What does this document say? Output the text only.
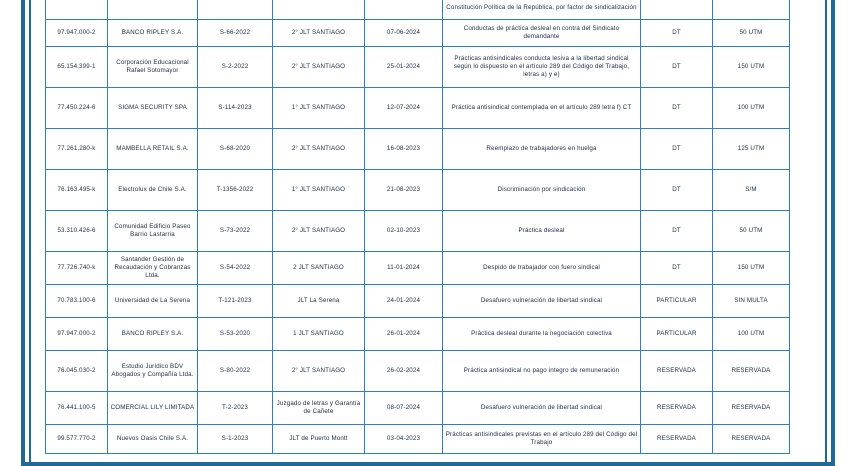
					Constitución Política de la República, por factor de sindicalización		
97.947.000-2	BANCO RIPLEY S.A.	S-66-2022	2° JLT SANTIAGO	07-06-2024	Conductas de práctica desleal en contra del Sindicato demandante	DT	50 UTM
65.154.399-1	Corporación Educacional Rafael Sotomayor	S-2-2022	2° JLT SANTIAGO	25-01-2024	Prácticas antisindicales conducta lesiva a la libertad sindical según lo dispuesto en el artículo 289 del Código del Trabajo, letras a) y e)	DT	150 UTM
77.450.224-6	SIGMA SECURITY SPA	S-114-2023	1° JLT SANTIAGO	12-07-2024	Práctica antisindical contemplada en el artículo 289 letra f) CT	DT	100 UTM
77.261.280-k	MAMBELLA RETAIL S.A.	S-68-2020	2° JLT SANTIAGO	16-08-2023	Reemplazo de trabajadores en huelga	DT	125 UTM
76.163.495-k	Electrolux de Chile S.A.	T-1356-2022	1° JLT SANTIAGO	21-08-2023	Discriminación por sindicación	DT	S/M
53.310.426-6	Comunidad Edificio Paseo Barrio Lastarria	S-73-2022	2° JLT SANTIAGO	02-10-2023	Práctica desleal	DT	50 UTM
77.726.740-k	Santander Gestión de Recaudación y Cobranzas Ltda.	S-54-2022	2 JLT SANTIAGO	11-01-2024	Despido de trabajador con fuero sindical	DT	150 UTM
70.783.100-6	Universidad de La Serena	T-121-2023	JLT La Serena	24-01-2024	Desafuero vulneración de libertad sindical	PARTICULAR	SIN MULTA
97.947.000-2	BANCO RIPLEY S.A.	S-53-2020	1 JLT SANTIAGO	26-01-2024	Práctica desleal durante la negociación colectiva	PARTICULAR	100 UTM
76.045.030-2	Estudio Jurídico BDV Abogados y Compañía Ltda.	S-80-2022	2° JLT SANTIAGO	26-02-2024	Práctica antisindical no pago integro de remuneración	RESERVADA	RESERVADA
76.441.100-5	COMERCIAL LILY LIMITADA	T-2-2023	Juzgado de letras y Garantía de Cañete	08-07-2024	Desafuero vulneración de libertad sindical	RESERVADA	RESERVADA
99.577.770-2	Nuevos Oasis Chile S.A.	S-1-2023	JLT de Puerto Montt	03-04-2023	Prácticas antisindicales previstas en el artículo 289 del Código del Trabajo	RESERVADA	RESERVADA
